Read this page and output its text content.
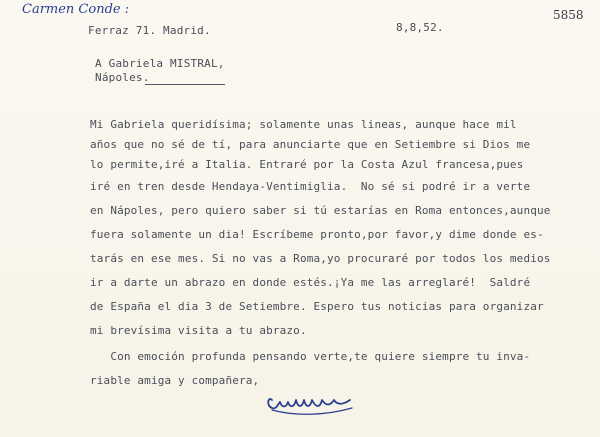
Carmen Conde :	5858
Ferraz 71. Madrid.	8,8,52.
A Gabriela MISTRAL,
Nápoles.
Mi Gabriela queridísima; solamente unas lineas, aunque hace mil
años que no sé de tí, para anunciarte que en Setiembre si Dios me
lo permite,iré a Italia. Entraré por la Costa Azul francesa,pues
iré en tren desde Hendaya-Ventimiglia.  No sé si podré ir a verte
en Nápoles, pero quiero saber si tú estarías en Roma entonces,aunque
fuera solamente un dia! Escríbeme pronto,por favor,y dime donde es-
tarás en ese mes. Si no vas a Roma,yo procuraré por todos los medios
ir a darte un abrazo en donde estés.¡Ya me las arreglaré!  Saldré
de España el dia 3 de Setiembre. Espero tus noticias para organizar
mi brevísima visita a tu abrazo.
Con emoción profunda pensando verte,te quiere siempre tu inva-
riable amiga y compañera,
